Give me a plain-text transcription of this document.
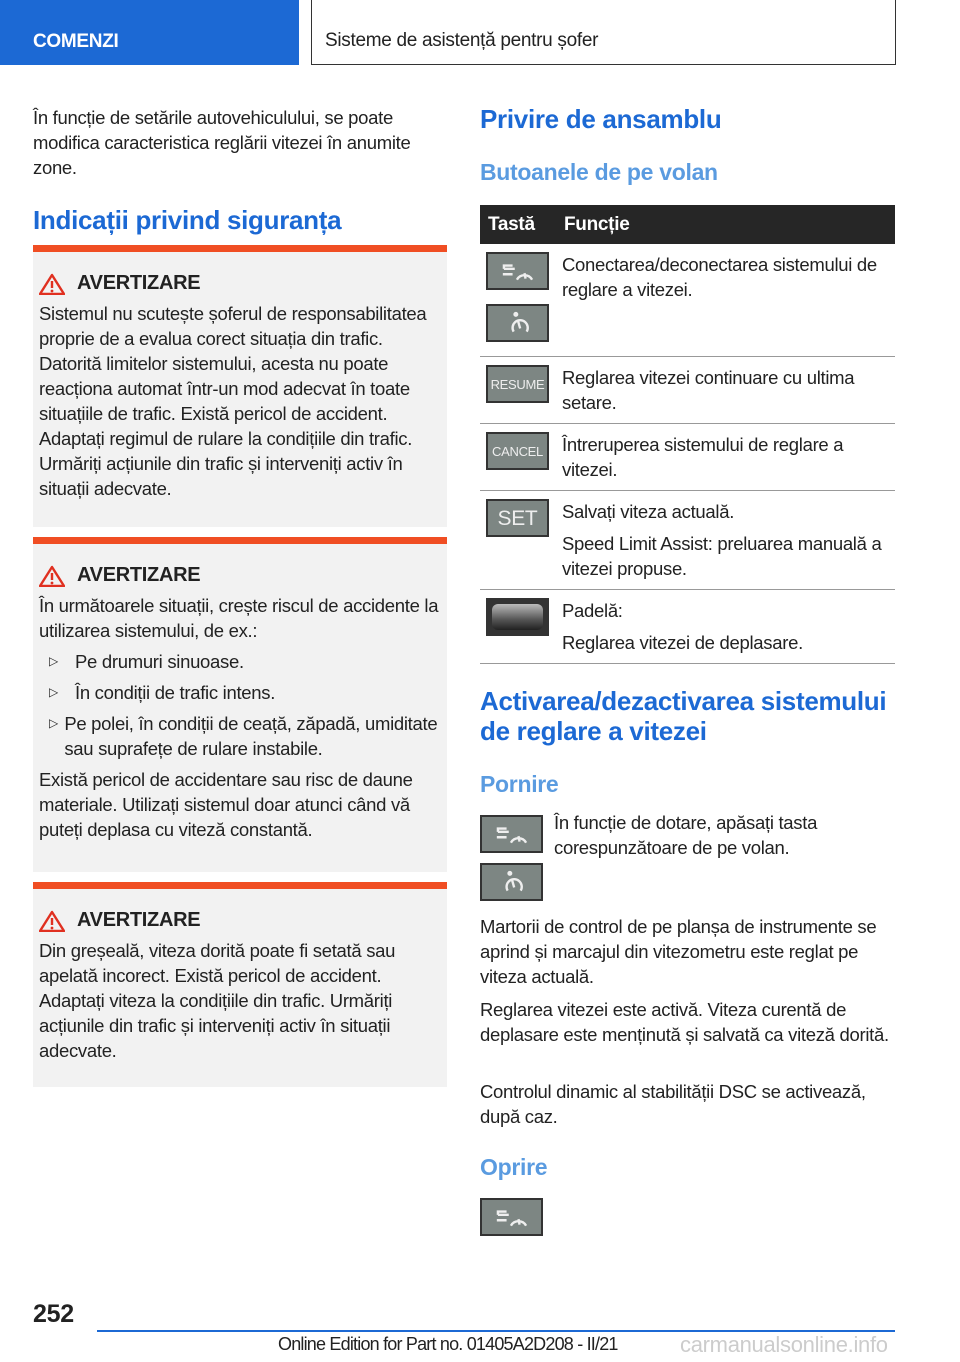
COMENZI	Sisteme de asistență pentru șofer

În funcție de setările autovehiculului, se poate modifica caracteristica reglării vitezei în anumite zone.

Indicații privind siguranța
AVERTIZARE

Sistemul nu scutește șoferul de responsabilitatea proprie de a evalua corect situația din trafic. Datorită limitelor sistemului, acesta nu poate reacționa automat într-un mod adecvat în toate situațiile de trafic. Există pericol de accident. Adaptați regimul de rulare la condițiile din trafic. Urmăriți acțiunile din trafic și interveniți activ în situații adecvate.

AVERTIZARE

În următoarele situații, crește riscul de accidente la utilizarea sistemului, de ex.:

▷ Pe drumuri sinuoase.
▷ În condiții de trafic intens.
▷ Pe polei, în condiții de ceață, zăpadă, umiditate sau suprafețe de rulare instabile.

Există pericol de accidentare sau risc de daune materiale. Utilizați sistemul doar atunci când vă puteți deplasa cu viteză constantă.

AVERTIZARE

Din greșeală, viteza dorită poate fi setată sau apelată incorect. Există pericol de accident. Adaptați viteza la condițiile din trafic. Urmăriți acțiunile din trafic și interveniți activ în situații adecvate.

Privire de ansamblu
Butoanele de pe volan
Tastă	Funcție

	Conectarea/deconectarea sistemului de reglare a vitezei.

RESUME	Reglarea vitezei continuare cu ultima setare.

CANCEL	Întreruperea sistemului de reglare a vitezei.

SET	Salvați viteza actuală.
Speed Limit Assist: preluarea manuală a vitezei propuse.

	Padelă:
Reglarea vitezei de deplasare.
Activarea/dezactivarea sistemului de reglare a vitezei
Pornire

În funcție de dotare, apăsați tasta corespunzătoare de pe volan.

Martorii de control de pe planșa de instrumente se aprind și marcajul din vitezometru este reglat pe viteza actuală.

Reglarea vitezei este activă. Viteza curentă de deplasare este menținută și salvată ca viteză dorită.

Controlul dinamic al stabilității DSC se activează, după caz.

Oprire
252
Online Edition for Part no. 01405A2D208 - II/21	carmanualsonline.info
